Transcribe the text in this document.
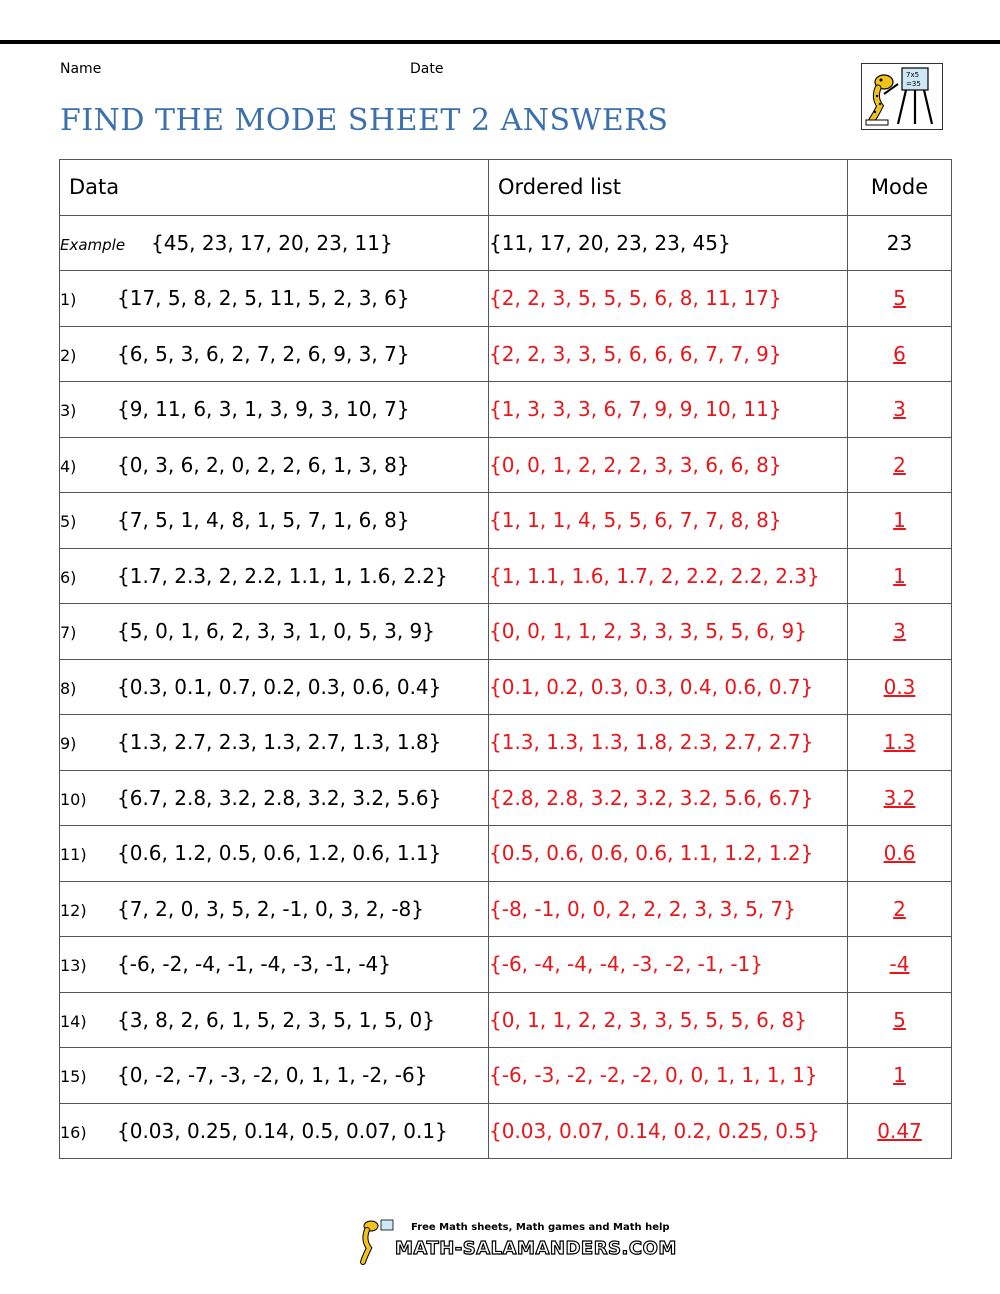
Name	Date
FIND THE MODE SHEET 2 ANSWERS
7x5
=35
Data	Ordered list	Mode
Example {45, 23, 17, 20, 23, 11}	{11, 17, 20, 23, 23, 45}	23
1) {17, 5, 8, 2, 5, 11, 5, 2, 3, 6}	{2, 2, 3, 5, 5, 5, 6, 8, 11, 17}	5
2) {6, 5, 3, 6, 2, 7, 2, 6, 9, 3, 7}	{2, 2, 3, 3, 5, 6, 6, 6, 7, 7, 9}	6
3) {9, 11, 6, 3, 1, 3, 9, 3, 10, 7}	{1, 3, 3, 3, 6, 7, 9, 9, 10, 11}	3
4) {0, 3, 6, 2, 0, 2, 2, 6, 1, 3, 8}	{0, 0, 1, 2, 2, 2, 3, 3, 6, 6, 8}	2
5) {7, 5, 1, 4, 8, 1, 5, 7, 1, 6, 8}	{1, 1, 1, 4, 5, 5, 6, 7, 7, 8, 8}	1
6) {1.7, 2.3, 2, 2.2, 1.1, 1, 1.6, 2.2}	{1, 1.1, 1.6, 1.7, 2, 2.2, 2.2, 2.3}	1
7) {5, 0, 1, 6, 2, 3, 3, 1, 0, 5, 3, 9}	{0, 0, 1, 1, 2, 3, 3, 3, 5, 5, 6, 9}	3
8) {0.3, 0.1, 0.7, 0.2, 0.3, 0.6, 0.4}	{0.1, 0.2, 0.3, 0.3, 0.4, 0.6, 0.7}	0.3
9) {1.3, 2.7, 2.3, 1.3, 2.7, 1.3, 1.8}	{1.3, 1.3, 1.3, 1.8, 2.3, 2.7, 2.7}	1.3
10) {6.7, 2.8, 3.2, 2.8, 3.2, 3.2, 5.6}	{2.8, 2.8, 3.2, 3.2, 3.2, 5.6, 6.7}	3.2
11) {0.6, 1.2, 0.5, 0.6, 1.2, 0.6, 1.1}	{0.5, 0.6, 0.6, 0.6, 1.1, 1.2, 1.2}	0.6
12) {7, 2, 0, 3, 5, 2, -1, 0, 3, 2, -8}	{-8, -1, 0, 0, 2, 2, 2, 3, 3, 5, 7}	2
13) {-6, -2, -4, -1, -4, -3, -1, -4}	{-6, -4, -4, -4, -3, -2, -1, -1}	-4
14) {3, 8, 2, 6, 1, 5, 2, 3, 5, 1, 5, 0}	{0, 1, 1, 2, 2, 3, 3, 5, 5, 5, 6, 8}	5
15) {0, -2, -7, -3, -2, 0, 1, 1, -2, -6}	{-6, -3, -2, -2, -2, 0, 0, 1, 1, 1, 1}	1
16) {0.03, 0.25, 0.14, 0.5, 0.07, 0.1}	{0.03, 0.07, 0.14, 0.2, 0.25, 0.5}	0.47
Free Math sheets, Math games and Math help
MATH-SALAMANDERS.COM
